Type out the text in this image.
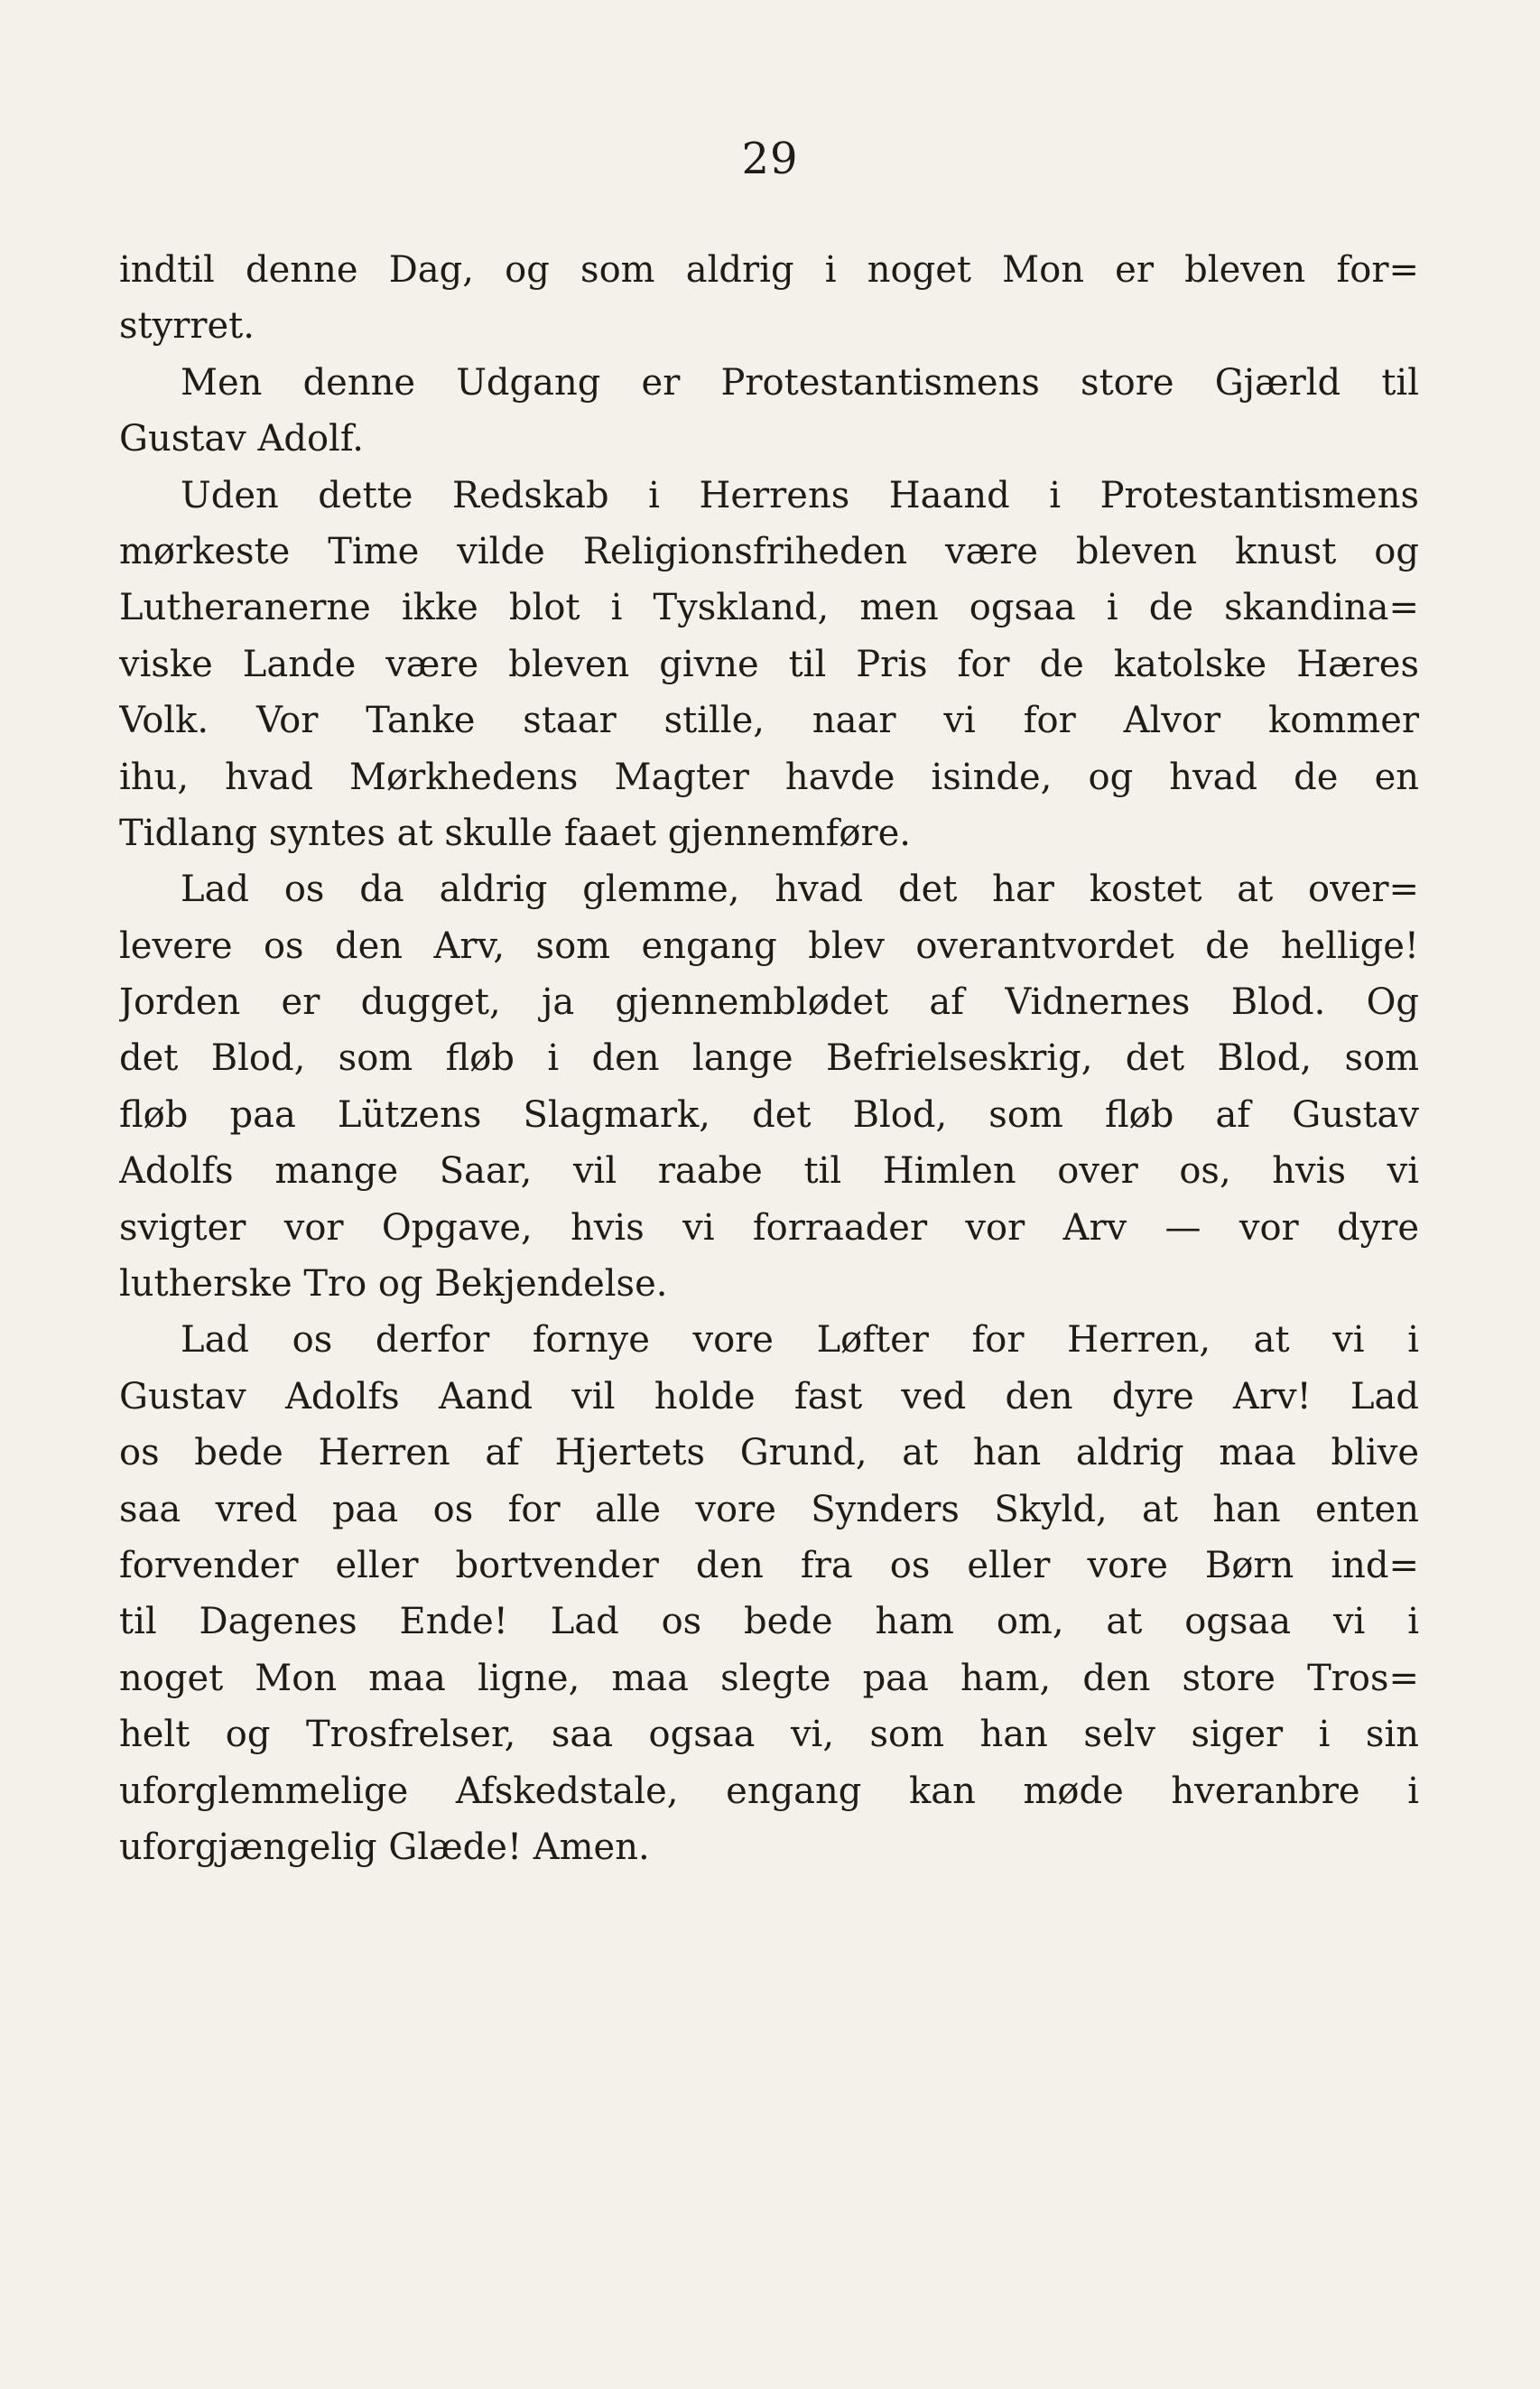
29
indtil denne Dag, og som aldrig i noget Mon er bleven for=
styrret.
Men denne Udgang er Protestantismens store Gjærld til
Gustav Adolf.
Uden dette Redskab i Herrens Haand i Protestantismens
mørkeste Time vilde Religionsfriheden være bleven knust og
Lutheranerne ikke blot i Tyskland, men ogsaa i de skandina=
viske Lande være bleven givne til Pris for de katolske Hæres
Volk. Vor Tanke staar stille, naar vi for Alvor kommer
ihu, hvad Mørkhedens Magter havde isinde, og hvad de en
Tidlang syntes at skulle faaet gjennemføre.
Lad os da aldrig glemme, hvad det har kostet at over=
levere os den Arv, som engang blev overantvordet de hellige!
Jorden er dugget, ja gjennemblødet af Vidnernes Blod. Og
det Blod, som fløb i den lange Befrielseskrig, det Blod, som
fløb paa Lützens Slagmark, det Blod, som fløb af Gustav
Adolfs mange Saar, vil raabe til Himlen over os, hvis vi
svigter vor Opgave, hvis vi forraader vor Arv — vor dyre
lutherske Tro og Bekjendelse.
Lad os derfor fornye vore Løfter for Herren, at vi i
Gustav Adolfs Aand vil holde fast ved den dyre Arv! Lad
os bede Herren af Hjertets Grund, at han aldrig maa blive
saa vred paa os for alle vore Synders Skyld, at han enten
forvender eller bortvender den fra os eller vore Børn ind=
til Dagenes Ende! Lad os bede ham om, at ogsaa vi i
noget Mon maa ligne, maa slegte paa ham, den store Tros=
helt og Trosfrelser, saa ogsaa vi, som han selv siger i sin
uforglemmelige Afskedstale, engang kan møde hveranbre i
uforgjængelig Glæde! Amen.
